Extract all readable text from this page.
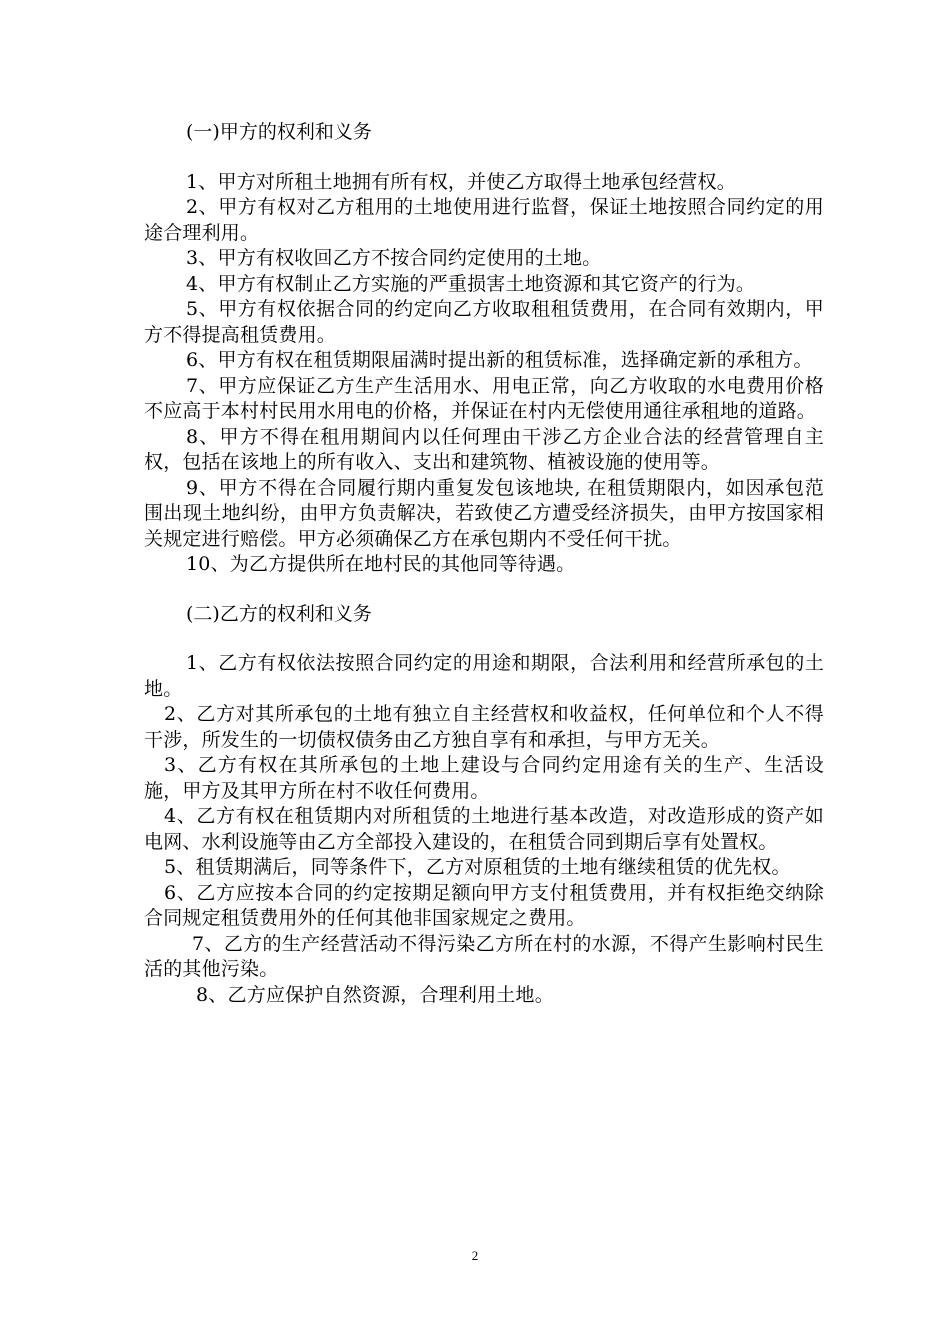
(一)甲方的权利和义务

1、甲方对所租土地拥有所有权，并使乙方取得土地承包经营权。

2、甲方有权对乙方租用的土地使用进行监督，保证土地按照合同约定的用途合理利用。

3、甲方有权收回乙方不按合同约定使用的土地。

4、甲方有权制止乙方实施的严重损害土地资源和其它资产的行为。

5、甲方有权依据合同的约定向乙方收取租租赁费用，在合同有效期内，甲方不得提高租赁费用。

6、甲方有权在租赁期限届满时提出新的租赁标准，选择确定新的承租方。

7、甲方应保证乙方生产生活用水、用电正常，向乙方收取的水电费用价格不应高于本村村民用水用电的价格，并保证在村内无偿使用通往承租地的道路。

8、甲方不得在租用期间内以任何理由干涉乙方企业合法的经营管理自主权，包括在该地上的所有收入、支出和建筑物、植被设施的使用等。

9、甲方不得在合同履行期内重复发包该地块, 在租赁期限内，如因承包范围出现土地纠纷，由甲方负责解决，若致使乙方遭受经济损失，由甲方按国家相关规定进行赔偿。甲方必须确保乙方在承包期内不受任何干扰。

10、为乙方提供所在地村民的其他同等待遇。

(二)乙方的权利和义务

1、乙方有权依法按照合同约定的用途和期限，合法利用和经营所承包的土地。

2、乙方对其所承包的土地有独立自主经营权和收益权，任何单位和个人不得干涉，所发生的一切债权债务由乙方独自享有和承担，与甲方无关。

3、乙方有权在其所承包的土地上建设与合同约定用途有关的生产、生活设施，甲方及其甲方所在村不收任何费用。

4、乙方有权在租赁期内对所租赁的土地进行基本改造，对改造形成的资产如电网、水利设施等由乙方全部投入建设的，在租赁合同到期后享有处置权。

5、租赁期满后，同等条件下，乙方对原租赁的土地有继续租赁的优先权。

6、乙方应按本合同的约定按期足额向甲方支付租赁费用，并有权拒绝交纳除合同规定租赁费用外的任何其他非国家规定之费用。

7、乙方的生产经营活动不得污染乙方所在村的水源，不得产生影响村民生活的其他污染。

8、乙方应保护自然资源，合理利用土地。

2
